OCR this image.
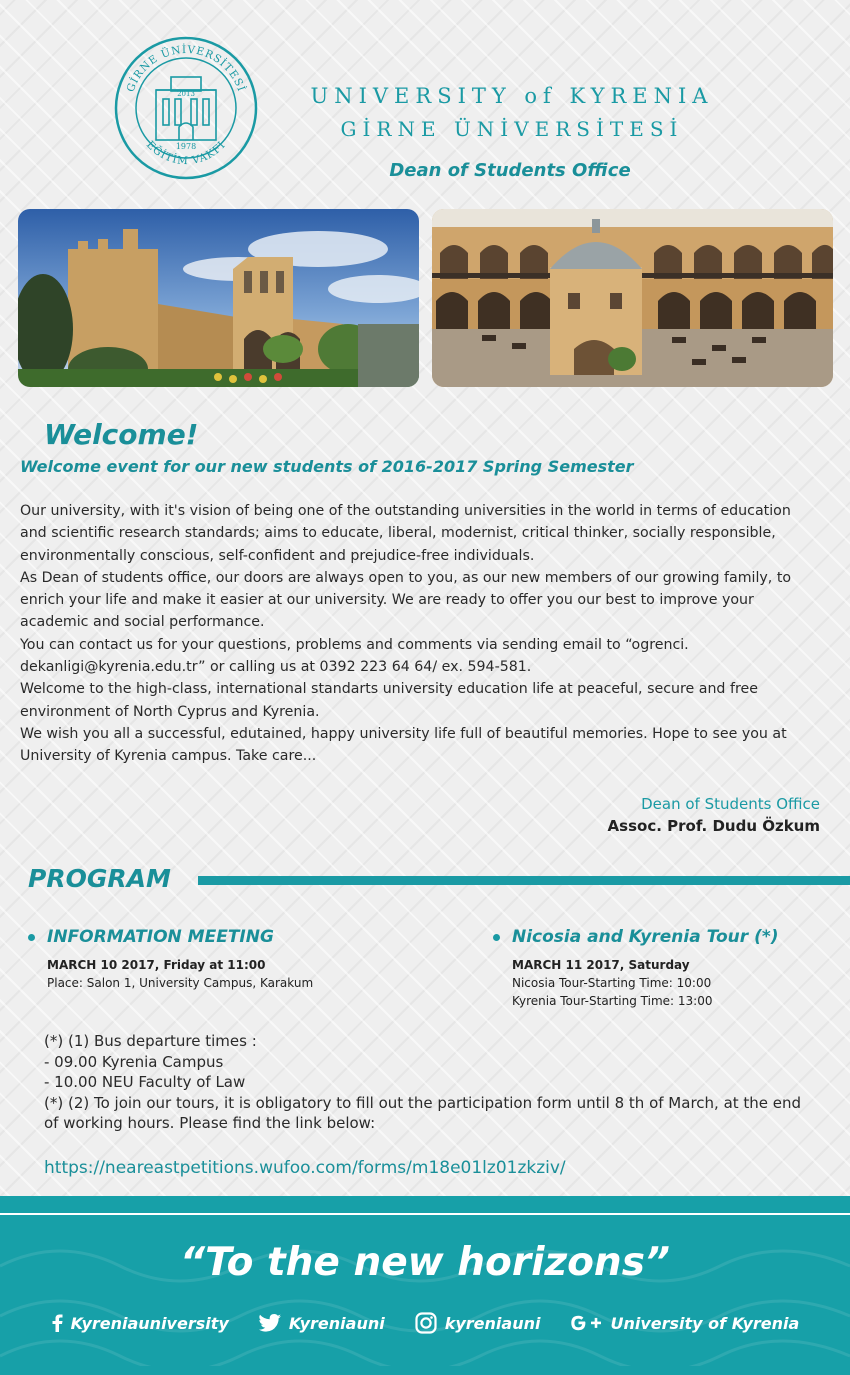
GİRNE ÜNİVERSİTESİ
EĞİTİM VAKFI
2013
1978
UNIVERSITY of KYRENIA
GİRNE ÜNİVERSİTESİ
Dean of Students Office
Welcome!
Welcome event for our new students of 2016-2017 Spring Semester

Our university, with it's vision of being one of the outstanding universities in the world in terms of education and scientific research standards; aims to educate, liberal, modernist, critical thinker, socially responsible, environmentally conscious, self-confident and prejudice-free individuals.

As Dean of students office, our doors are always open to you, as our new members of our growing family, to enrich your life and make it easier at our university. We are ready to offer you our best to improve your academic and social performance.

You can contact us for your questions, problems and comments via sending email to “ogrenci. dekanligi@kyrenia.edu.tr” or calling us at 0392 223 64 64/ ex. 594-581.

Welcome to the high-class, international standarts university education life at peaceful, secure and free environment of North Cyprus and Kyrenia.

We wish you all a successful, edutained, happy university life full of beautiful memories. Hope to see you at University of Kyrenia campus. Take care...

Dean of Students Office
Assoc. Prof. Dudu Özkum
PROGRAM
INFORMATION MEETING
MARCH 10 2017, Friday at 11:00
Place: Salon 1, University Campus, Karakum
Nicosia and Kyrenia Tour (*)
MARCH 11 2017, Saturday
Nicosia Tour-Starting Time: 10:00
Kyrenia Tour-Starting Time: 13:00

(*) (1) Bus departure times :

- 09.00 Kyrenia Campus

- 10.00 NEU Faculty of Law

(*) (2) To join our tours, it is obligatory to fill out the participation form until 8 th of March, at the end of working hours. Please find the link below:

https://neareastpetitions.wufoo.com/forms/m18e01lz01zkziv/
“To the new horizons”
Kyreniauniversity	Kyreniauni	kyreniauni	University of Kyrenia
